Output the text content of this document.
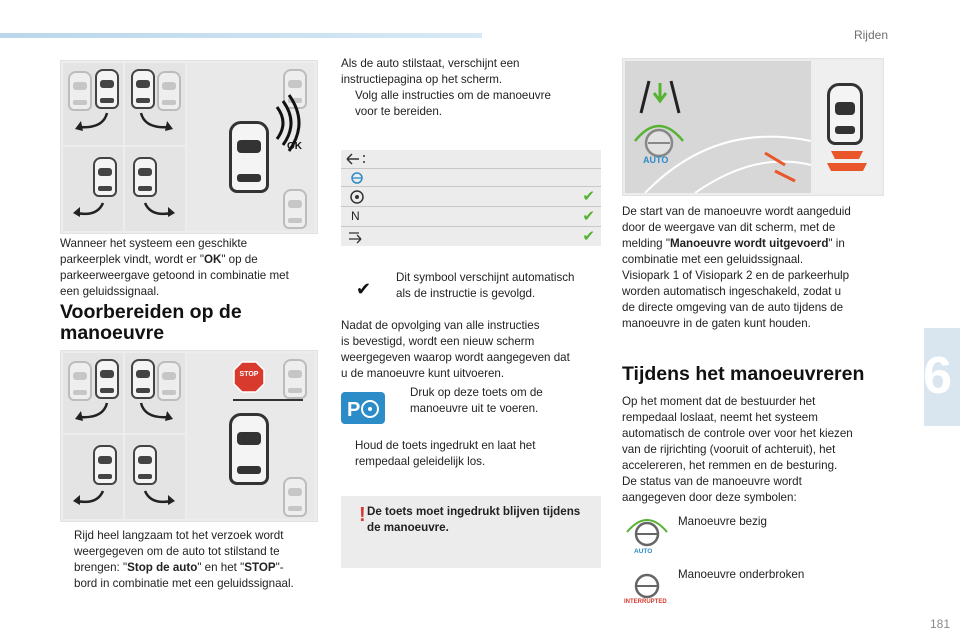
Rijden
6
181
OK
Wanneer het systeem een geschikte
parkeerplek vindt, wordt er "OK" op de
parkeerweergave getoond in combinatie met
een geluidssignaal.
Voorbereiden op de
manoeuvre
STOP
Rijd heel langzaam tot het verzoek wordt
weergegeven om de auto tot stilstand te
brengen: "Stop de auto" en het "STOP"-
bord in combinatie met een geluidssignaal.
Als de auto stilstaat, verschijnt een
instructiepagina op het scherm.
Volg alle instructies om de manoeuvre
voor te bereiden.
N
✔
✔
✔
✔
Dit symbool verschijnt automatisch
als de instructie is gevolgd.
Nadat de opvolging van alle instructies
is bevestigd, wordt een nieuw scherm
weergegeven waarop wordt aangegeven dat
u de manoeuvre kunt uitvoeren.
P
Druk op deze toets om de
manoeuvre uit te voeren.
Houd de toets ingedrukt en laat het
rempedaal geleidelijk los.
! De toets moet ingedrukt blijven tijdens
de manoeuvre.
AUTO
De start van de manoeuvre wordt aangeduid
door de weergave van dit scherm, met de
melding "Manoeuvre wordt uitgevoerd" in
combinatie met een geluidssignaal.
Visiopark 1 of Visiopark 2 en de parkeerhulp
worden automatisch ingeschakeld, zodat u
de directe omgeving van de auto tijdens de
manoeuvre in de gaten kunt houden.
Tijdens het manoeuvreren
Op het moment dat de bestuurder het
rempedaal loslaat, neemt het systeem
automatisch de controle over voor het kiezen
van de rijrichting (vooruit of achteruit), het
accelereren, het remmen en de besturing.
De status van de manoeuvre wordt
aangegeven door deze symbolen:
AUTO
Manoeuvre bezig
INTERRUPTED
Manoeuvre onderbroken
